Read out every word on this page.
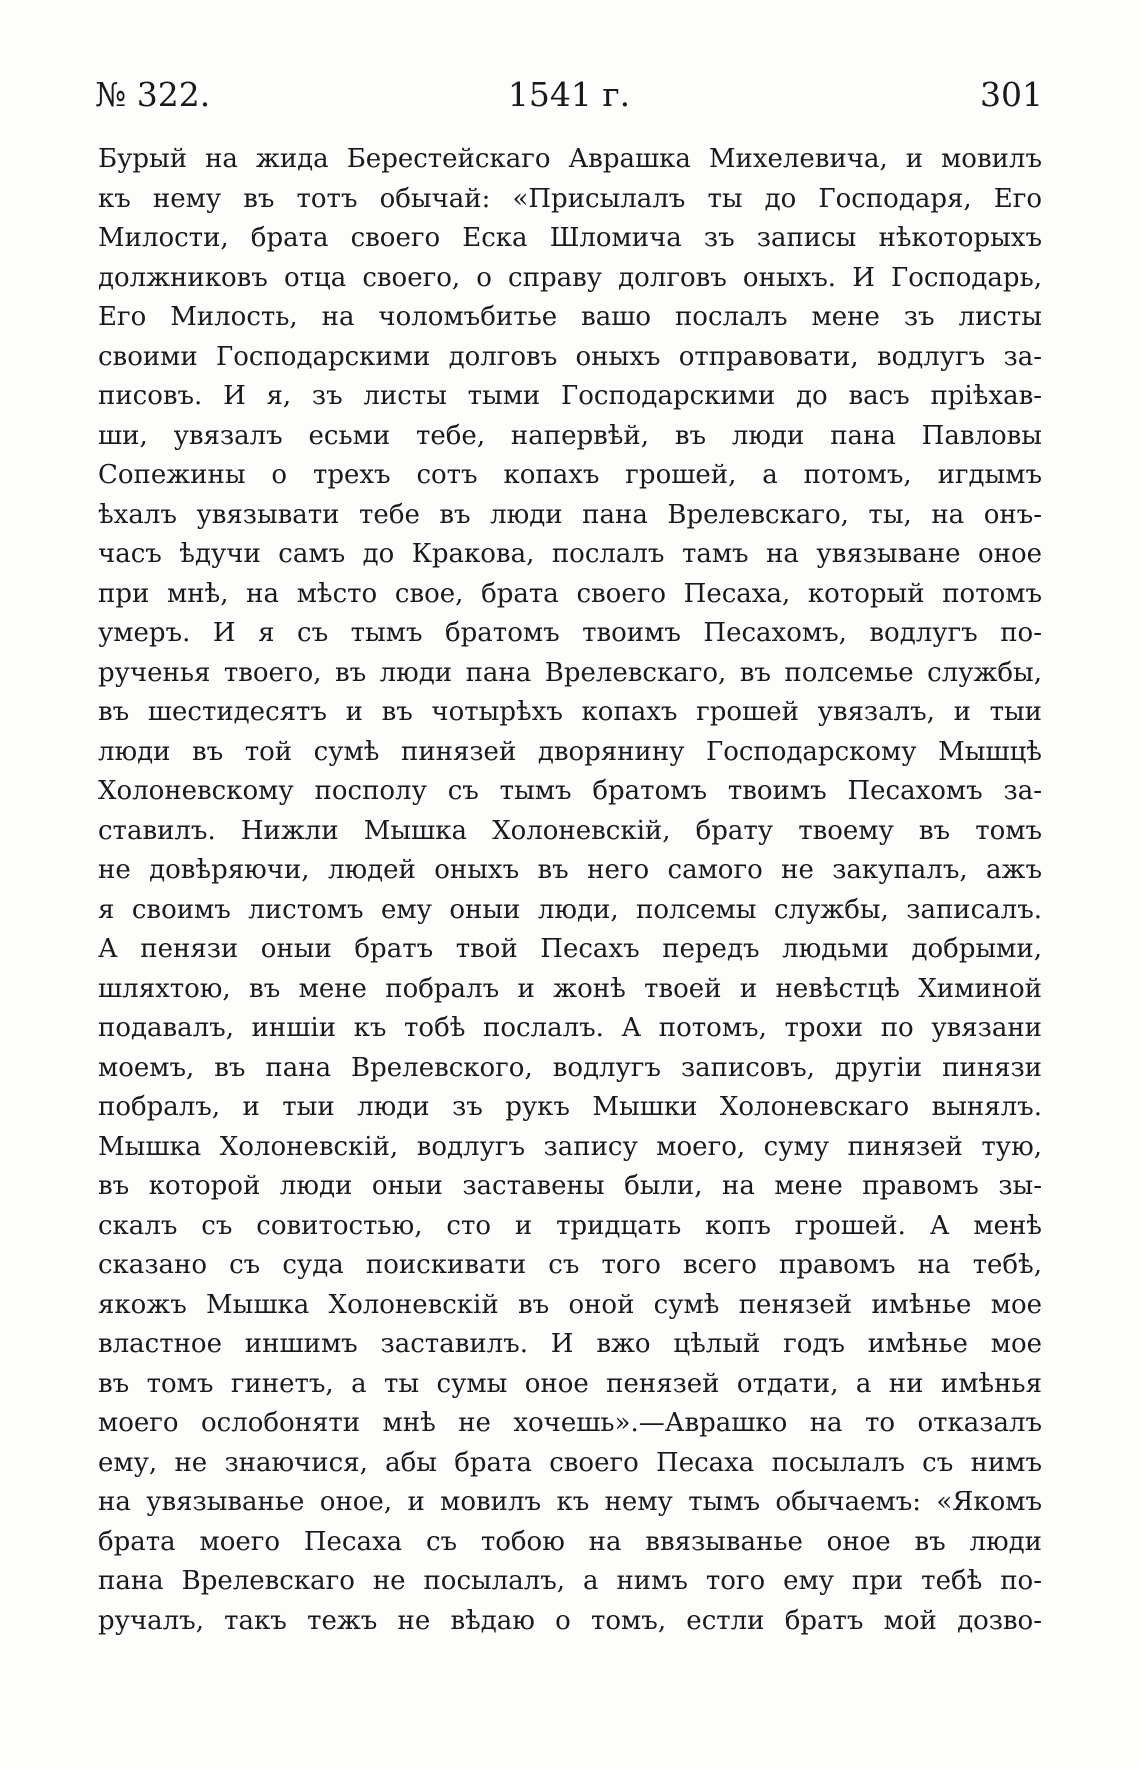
№ 322.	1541 г.	301
Бурый на жида Берестейскаго Аврашка Михелевича, и мовилъ
къ нему въ тотъ обычай: «Присылалъ ты до Господаря, Его
Милости, брата своего Еска Шломича зъ записы нѣкоторыхъ
должниковъ отца своего, о справу долговъ оныхъ. И Господарь,
Его Милость, на чоломъбитье вашо послалъ мене зъ листы
своими Господарскими долговъ оныхъ отправовати, водлугъ за-
писовъ. И я, зъ листы тыми Господарскими до васъ прiѣхав-
ши, увязалъ есьми тебе, напервѣй, въ люди пана Павловы
Сопежины о трехъ сотъ копахъ грошей, а потомъ, игдымъ
ѣхалъ увязывати тебе въ люди пана Врелевскаго, ты, на онъ-
часъ ѣдучи самъ до Кракова, послалъ тамъ на увязыване оное
при мнѣ, на мѣсто свое, брата своего Песаха, который потомъ
умеръ. И я съ тымъ братомъ твоимъ Песахомъ, водлугъ по-
рученья твоего, въ люди пана Врелевскаго, въ полсемье службы,
въ шестидесятъ и въ чотырѣхъ копахъ грошей увязалъ, и тыи
люди въ той сумѣ пинязей дворянину Господарскому Мышцѣ
Холоневскому посполу съ тымъ братомъ твоимъ Песахомъ за-
ставилъ. Нижли Мышка Холоневскiй, брату твоему въ томъ
не довѣряючи, людей оныхъ въ него самого не закупалъ, ажъ
я своимъ листомъ ему оныи люди, полсемы службы, записалъ.
А пенязи оныи братъ твой Песахъ передъ людьми добрыми,
шляхтою, въ мене побралъ и жонѣ твоей и невѣстцѣ Химиной
подавалъ, иншiи къ тобѣ послалъ. А потомъ, трохи по увязани
моемъ, въ пана Врелевского, водлугъ записовъ, другiи пинязи
побралъ, и тыи люди зъ рукъ Мышки Холоневскаго вынялъ.
Мышка Холоневскiй, водлугъ запису моего, суму пинязей тую,
въ которой люди оныи заставены были, на мене правомъ зы-
скалъ съ совитостью, сто и тридцать копъ грошей. А менѣ
сказано съ суда поискивати съ того всего правомъ на тебѣ,
якожъ Мышка Холоневскiй въ оной сумѣ пенязей имѣнье мое
властное иншимъ заставилъ. И вжо цѣлый годъ имѣнье мое
въ томъ гинетъ, а ты сумы оное пенязей отдати, а ни имѣнья
моего ослобоняти мнѣ не хочешь».—Аврашко на то отказалъ
ему, не знаючися, абы брата своего Песаха посылалъ съ нимъ
на увязыванье оное, и мовилъ къ нему тымъ обычаемъ: «Якомъ
брата моего Песаха съ тобою на ввязыванье оное въ люди
пана Врелевскаго не посылалъ, а нимъ того ему при тебѣ по-
ручалъ, такъ тежъ не вѣдаю о томъ, естли братъ мой дозво-
